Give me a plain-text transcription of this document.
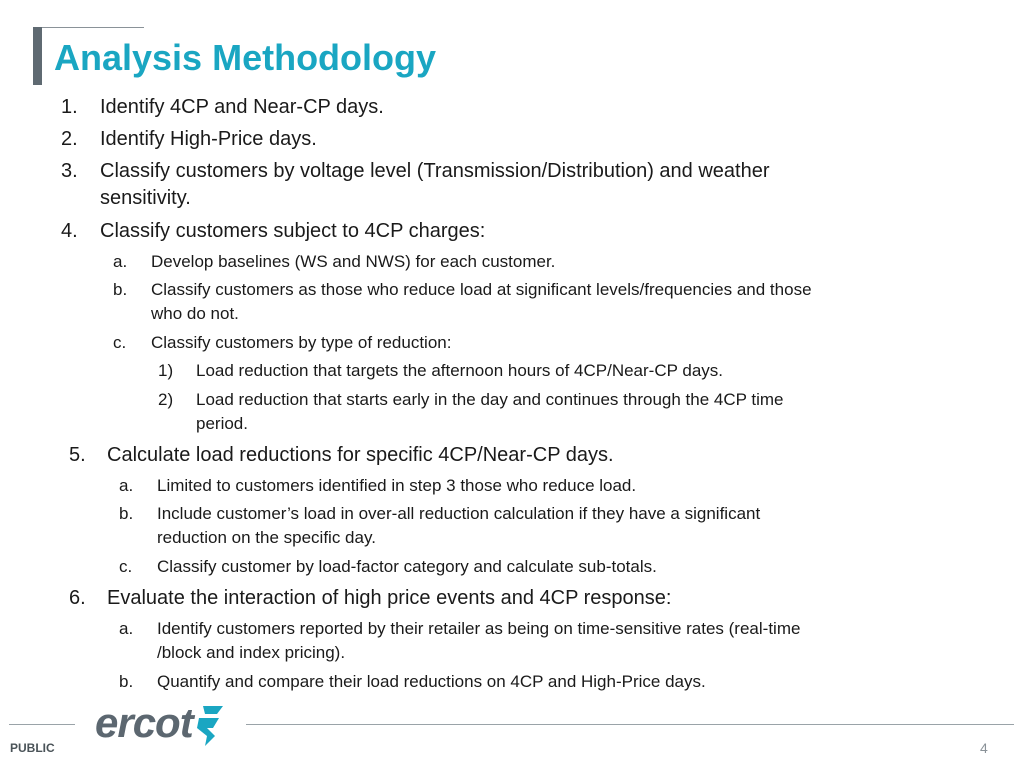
Analysis Methodology
1. Identify 4CP and Near-CP days.
2. Identify High-Price days.
3. Classify customers by voltage level (Transmission/Distribution) and weather
sensitivity.
4. Classify customers subject to 4CP charges:
a. Develop baselines (WS and NWS) for each customer.
b. Classify customers as those who reduce load at significant levels/frequencies and those
who do not.
c. Classify customers by type of reduction:
1) Load reduction that targets the afternoon hours of 4CP/Near-CP days.
2) Load reduction that starts early in the day and continues through the 4CP time
period.
5. Calculate load reductions for specific 4CP/Near-CP days.
a. Limited to customers identified in step 3 those who reduce load.
b. Include customer’s load in over-all reduction calculation if they have a significant
reduction on the specific day.
c. Classify customer by load-factor category and calculate sub-totals.
6. Evaluate the interaction of high price events and 4CP response:
a. Identify customers reported by their retailer as being on time-sensitive rates (real-time
/block and index pricing).
b. Quantify and compare their load reductions on 4CP and High-Price days.
ercot
PUBLIC	4
